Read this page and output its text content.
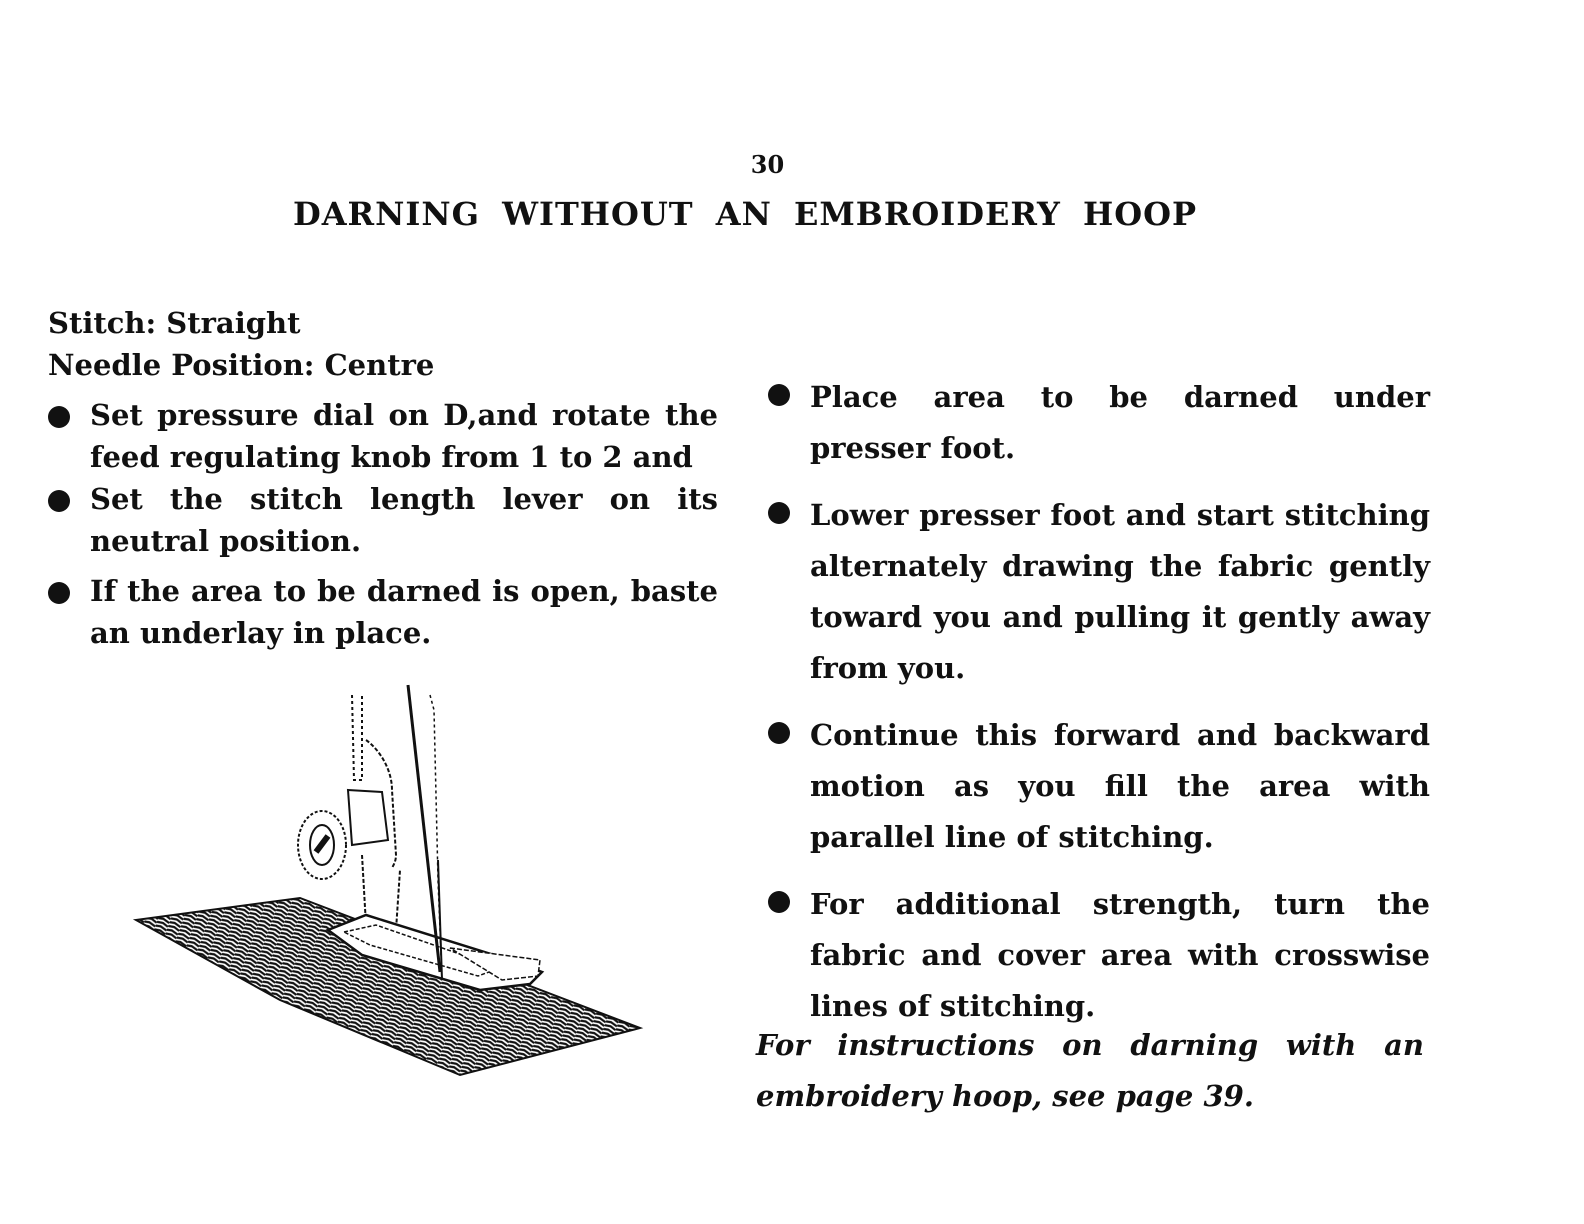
30
DARNING WITHOUT AN EMBROIDERY HOOP

Stitch: Straight

Needle Position: Centre

Set pressure dial on D,and rotate the feed regulating knob from 1 to 2 and
Set the stitch length lever on its neutral position.
If the area to be darned is open, baste an underlay in place.
Place area to be darned under presser foot.
Lower presser foot and start stitching alternately drawing the fabric gently toward you and pulling it gently away from you.
Continue this forward and backward motion as you fill the area with parallel line of stitching.
For additional strength, turn the fabric and cover area with crosswise lines of stitching.
For instructions on darning with an embroidery hoop, see page 39.
